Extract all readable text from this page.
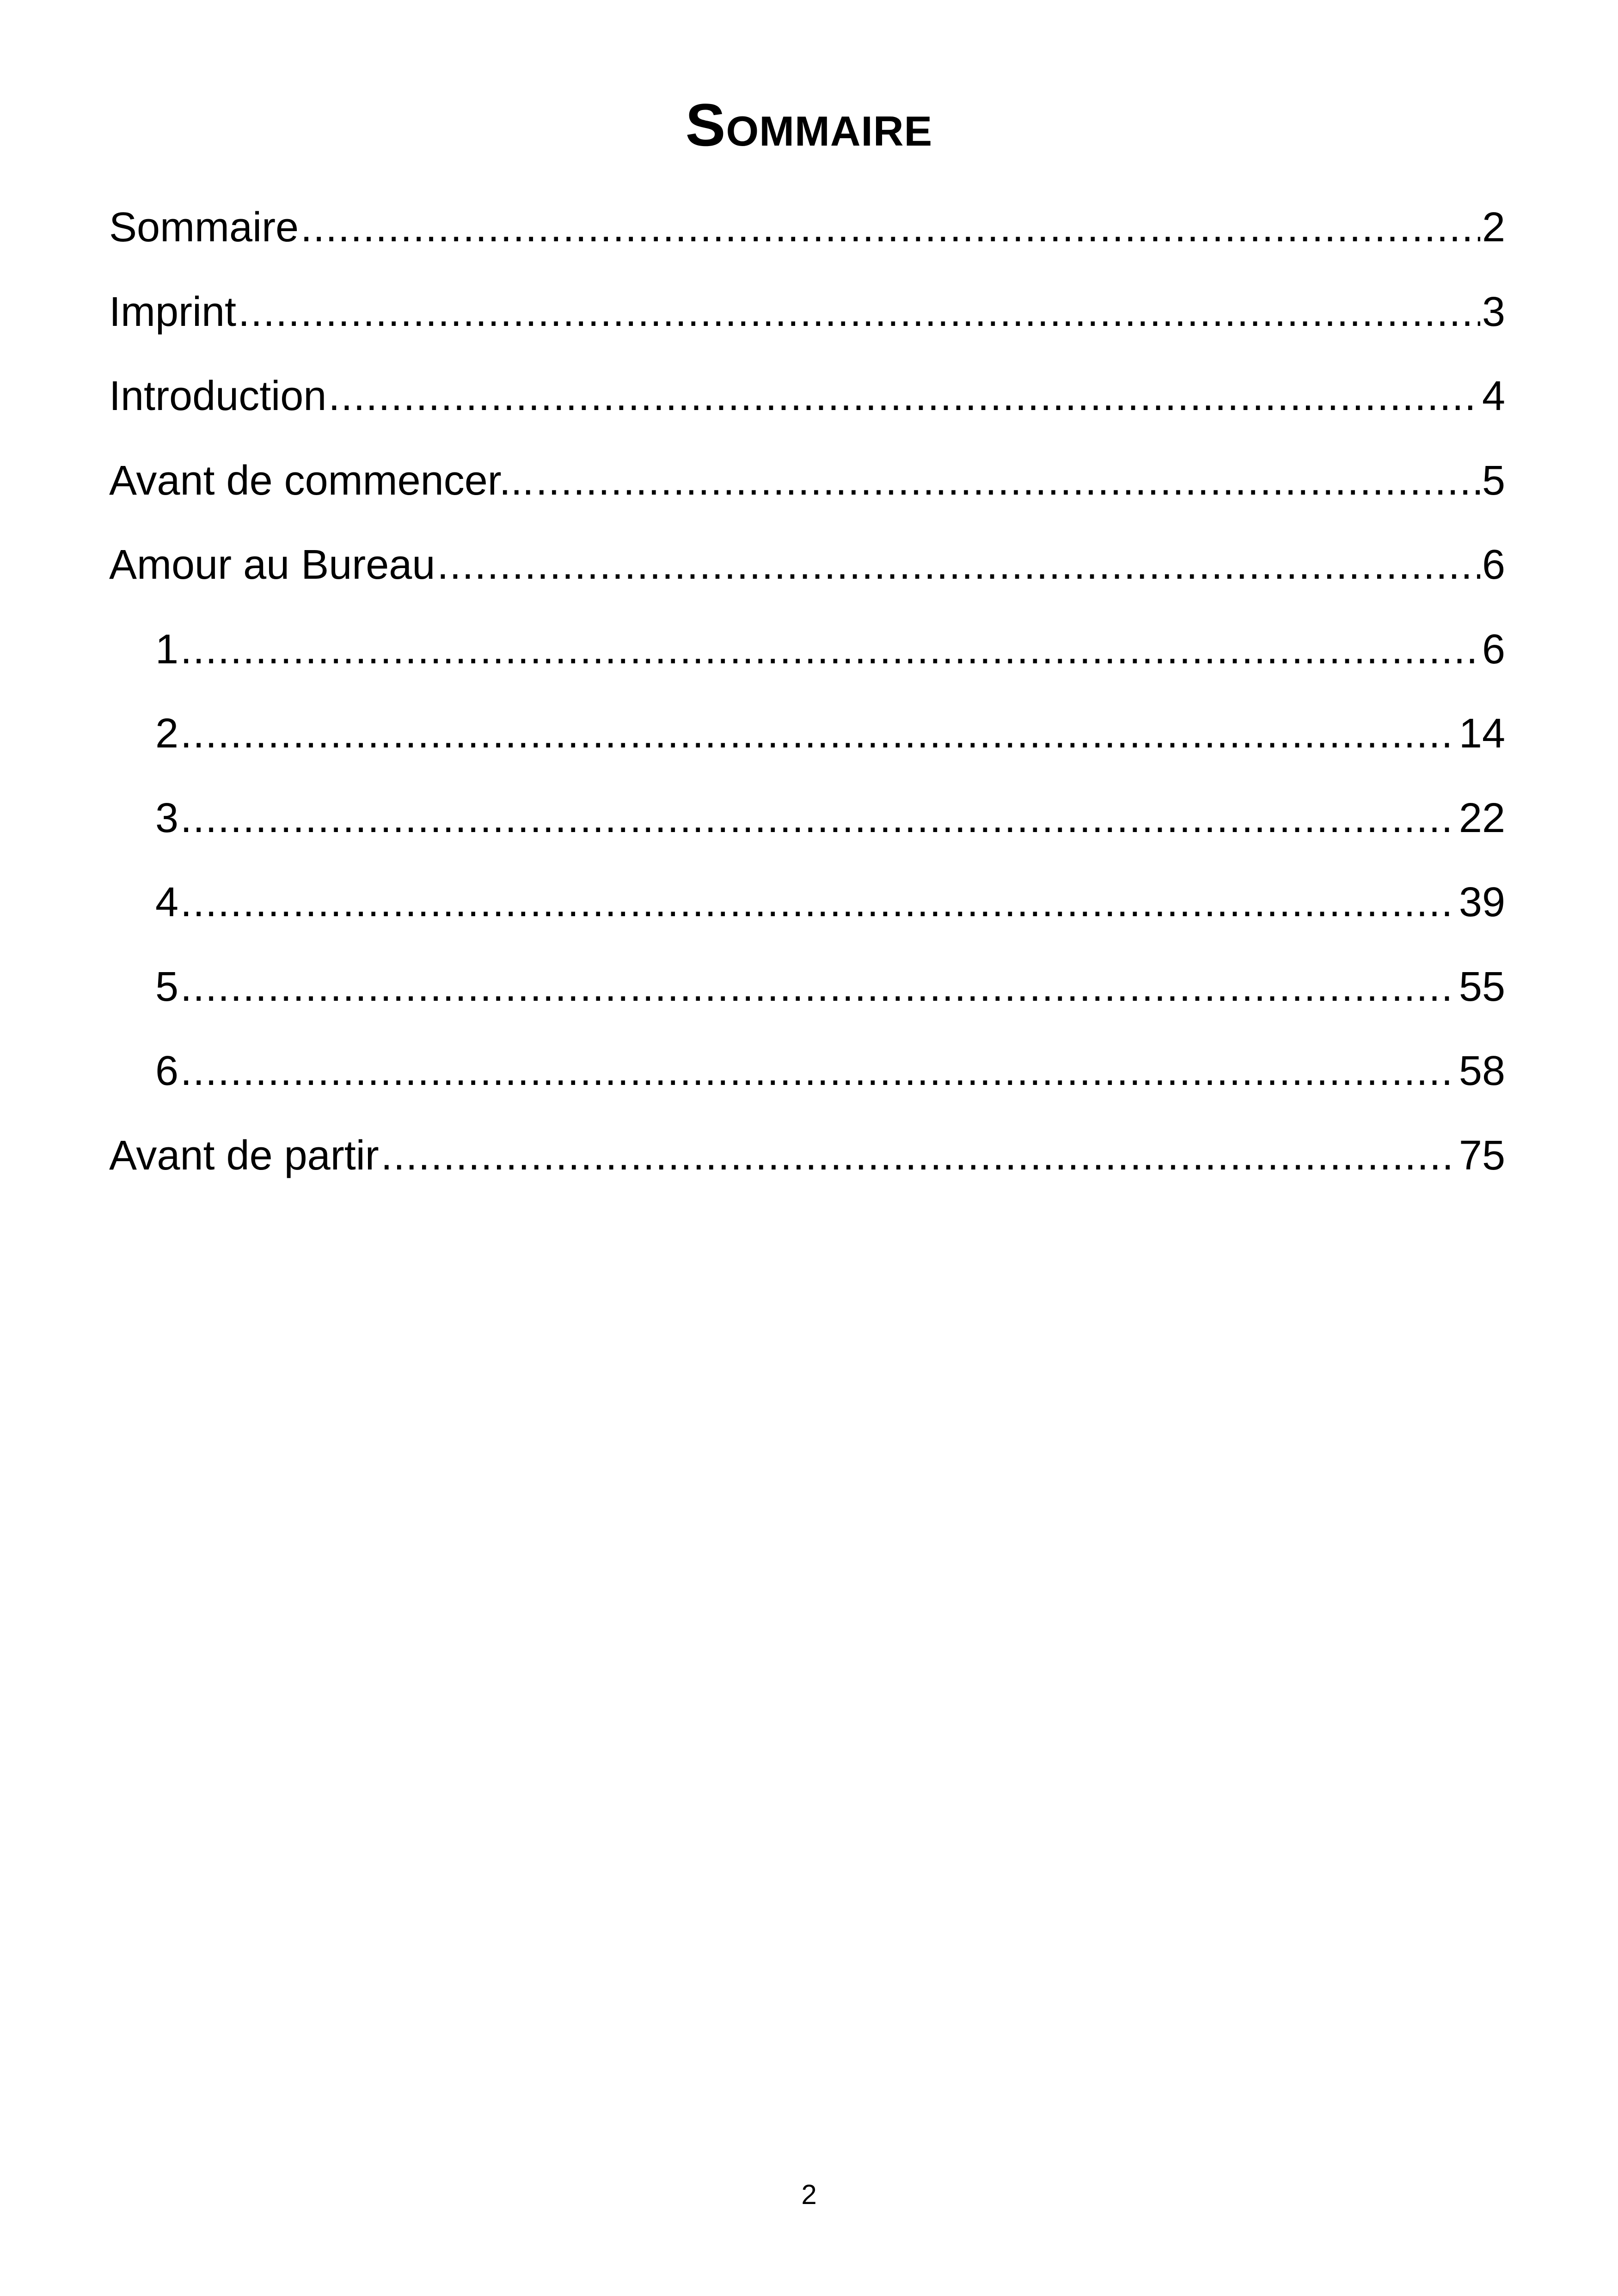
Sommaire
Sommaire .....	2
Imprint .....	3
Introduction .....	4
Avant de commencer... .....	5
Amour au Bureau .....	6
1 .....	6
2 .....	14
3 .....	22
4 .....	39
5 .....	55
6 .....	58
Avant de partir .....	75
2
